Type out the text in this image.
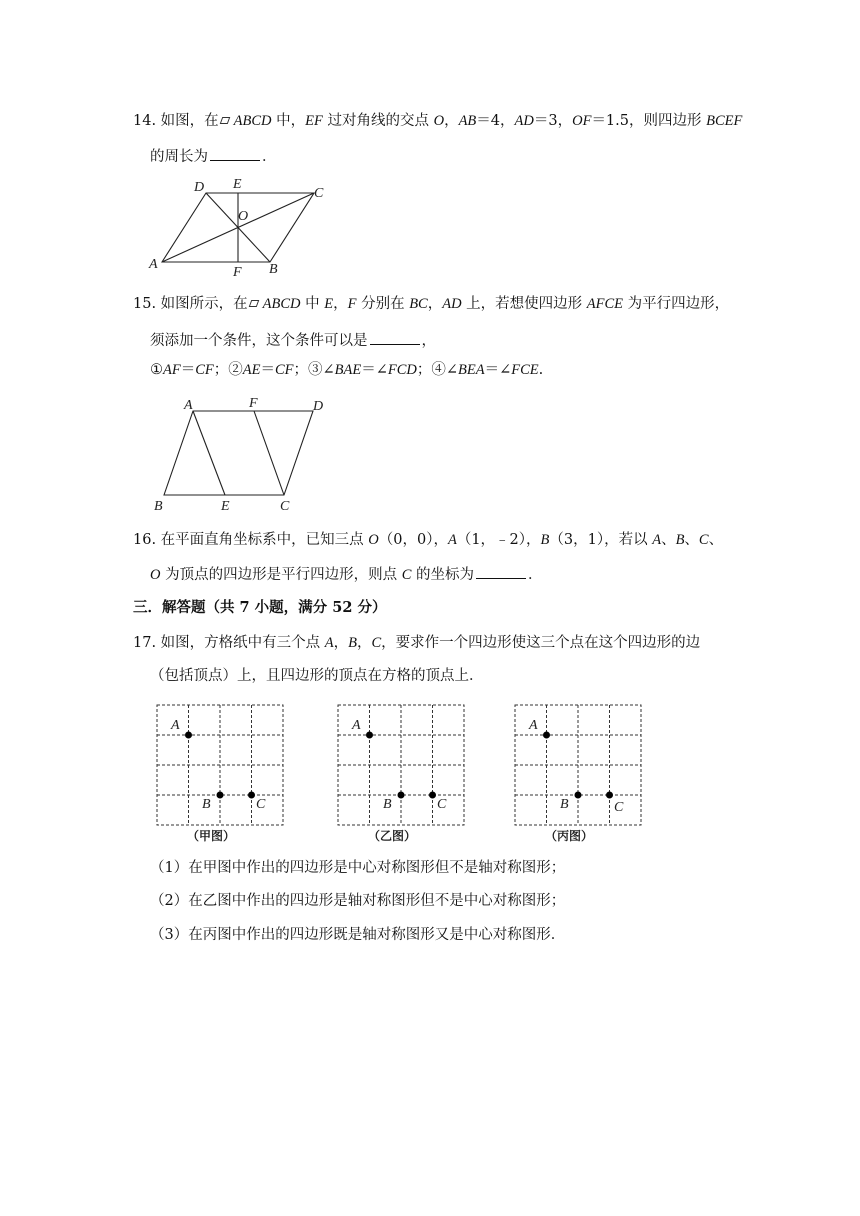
14. 如图，在 ABCD 中，EF 过对角线的交点 O，AB＝4，AD＝3，OF＝1.5，则四边形 BCEF
的周长为	．
D E
C
O
A
F B
15. 如图所示，在 ABCD 中 E，F 分别在 BC，AD 上，若想使四边形 AFCE 为平行四边形，
须添加一个条件，这个条件可以是	，
①AF＝CF；②AE＝CF；③∠BAE＝∠FCD；④∠BEA＝∠FCE.
A	F	D
B	E	C
16. 在平面直角坐标系中，已知三点 O（0，0），A（1，﹣2），B（3，1），若以 A、B、C、
O 为顶点的四边形是平行四边形，则点 C 的坐标为	．
三．解答题（共 7 小题，满分 52 分）
17. 如图，方格纸中有三个点 A，B，C，要求作一个四边形使这三个点在这个四边形的边
（包括顶点）上，且四边形的顶点在方格的顶点上．
A
B	C
（甲图）
A
B	C
（乙图）
A
B	C
（丙图）
（1）在甲图中作出的四边形是中心对称图形但不是轴对称图形；
（2）在乙图中作出的四边形是轴对称图形但不是中心对称图形；
（3）在丙图中作出的四边形既是轴对称图形又是中心对称图形．
